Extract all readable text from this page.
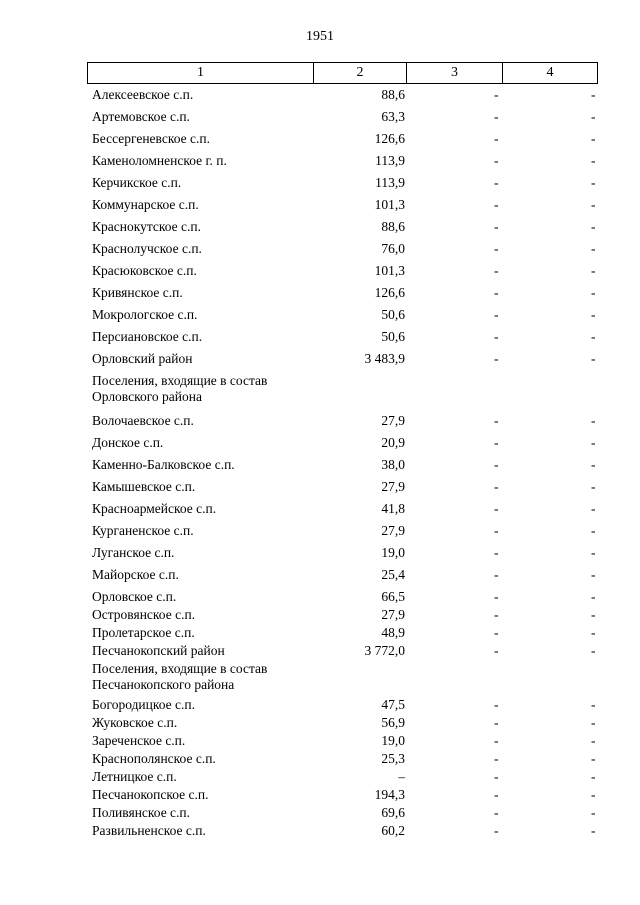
1951
1	2	3	4
Алексеевское с.п.	88,6	-	-
Артемовское с.п.	63,3	-	-
Бессергеневское с.п.	126,6	-	-
Каменоломненское г. п.	113,9	-	-
Керчикское с.п.	113,9	-	-
Коммунарское с.п.	101,3	-	-
Краснокутское с.п.	88,6	-	-
Краснолучское с.п.	76,0	-	-
Красюковское с.п.	101,3	-	-
Кривянское с.п.	126,6	-	-
Мокрологское с.п.	50,6	-	-
Персиановское с.п.	50,6	-	-
Орловский район	3 483,9	-	-
Поселения, входящие в состав
Орловского района
Волочаевское с.п.	27,9	-	-
Донское с.п.	20,9	-	-
Каменно-Балковское с.п.	38,0	-	-
Камышевское с.п.	27,9	-	-
Красноармейское с.п.	41,8	-	-
Курганенское с.п.	27,9	-	-
Луганское с.п.	19,0	-	-
Майорское с.п.	25,4	-	-
Орловское с.п.	66,5	-	-
Островянское с.п.	27,9	-	-
Пролетарское с.п.	48,9	-	-
Песчанокопский район	3 772,0	-	-
Поселения, входящие в состав
Песчанокопского района
Богородицкое с.п.	47,5	-	-
Жуковское с.п.	56,9	-	-
Зареченское с.п.	19,0	-	-
Краснополянское с.п.	25,3	-	-
Летницкое с.п.	–	-	-
Песчанокопское с.п.	194,3	-	-
Поливянское с.п.	69,6	-	-
Развильненское с.п.	60,2	-	-
